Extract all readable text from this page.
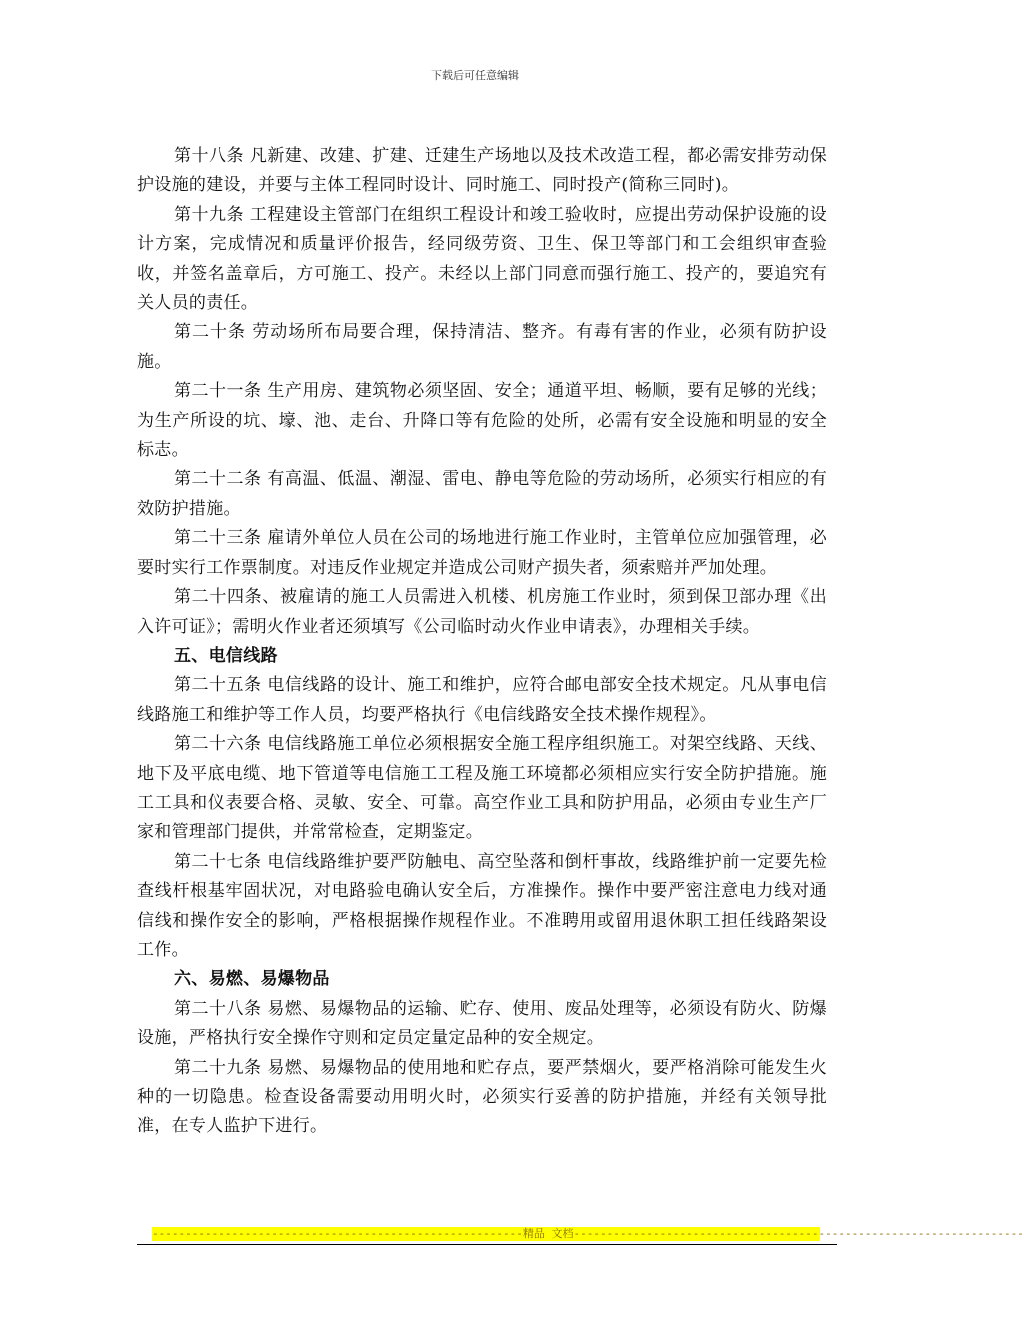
下载后可任意编辑

第十八条 凡新建、改建、扩建、迁建生产场地以及技术改造工程，都必需安排劳动保护设施的建设，并要与主体工程同时设计、同时施工、同时投产(简称三同时)。

第十九条 工程建设主管部门在组织工程设计和竣工验收时，应提出劳动保护设施的设计方案，完成情况和质量评价报告，经同级劳资、卫生、保卫等部门和工会组织审查验收，并签名盖章后，方可施工、投产。未经以上部门同意而强行施工、投产的，要追究有关人员的责任。

第二十条 劳动场所布局要合理，保持清洁、整齐。有毒有害的作业，必须有防护设施。

第二十一条 生产用房、建筑物必须坚固、安全；通道平坦、畅顺，要有足够的光线；为生产所设的坑、壕、池、走台、升降口等有危险的处所，必需有安全设施和明显的安全标志。

第二十二条 有高温、低温、潮湿、雷电、静电等危险的劳动场所，必须实行相应的有效防护措施。

第二十三条 雇请外单位人员在公司的场地进行施工作业时，主管单位应加强管理，必要时实行工作票制度。对违反作业规定并造成公司财产损失者，须索赔并严加处理。

第二十四条、被雇请的施工人员需进入机楼、机房施工作业时，须到保卫部办理《出入许可证》；需明火作业者还须填写《公司临时动火作业申请表》，办理相关手续。

五、电信线路

第二十五条 电信线路的设计、施工和维护，应符合邮电部安全技术规定。凡从事电信线路施工和维护等工作人员，均要严格执行《电信线路安全技术操作规程》。

第二十六条 电信线路施工单位必须根据安全施工程序组织施工。对架空线路、天线、地下及平底电缆、地下管道等电信施工工程及施工环境都必须相应实行安全防护措施。施工工具和仪表要合格、灵敏、安全、可靠。高空作业工具和防护用品，必须由专业生产厂家和管理部门提供，并常常检查，定期鉴定。

第二十七条 电信线路维护要严防触电、高空坠落和倒杆事故，线路维护前一定要先检查线杆根基牢固状况，对电路验电确认安全后，方准操作。操作中要严密注意电力线对通信线和操作安全的影响，严格根据操作规程作业。不准聘用或留用退休职工担任线路架设工作。

六、易燃、易爆物品

第二十八条 易燃、易爆物品的运输、贮存、使用、废品处理等，必须设有防火、防爆设施，严格执行安全操作守则和定员定量定品种的安全规定。

第二十九条 易燃、易爆物品的使用地和贮存点，要严禁烟火，要严格消除可能发生火种的一切隐患。检查设备需要动用明火时，必须实行妥善的防护措施，并经有关领导批准，在专人监护下进行。

--------------------------------------------------------精品 文档--------------------------------------------------------------------
